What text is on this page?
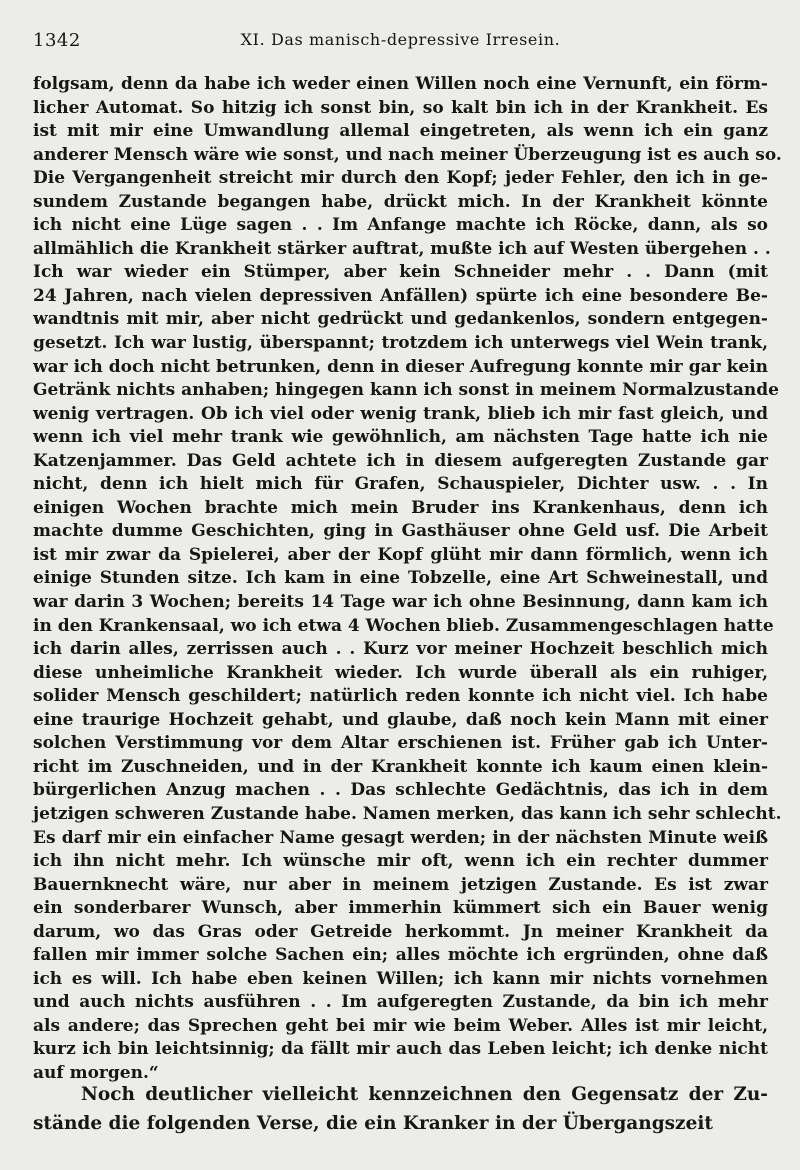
1342	XI. Das manisch-depressive Irresein.
folgsam, denn da habe ich weder einen Willen noch eine Vernunft, ein förm-
licher Automat. So hitzig ich sonst bin, so kalt bin ich in der Krankheit. Es
ist mit mir eine Umwandlung allemal eingetreten, als wenn ich ein ganz
anderer Mensch wäre wie sonst, und nach meiner Überzeugung ist es auch so.
Die Vergangenheit streicht mir durch den Kopf; jeder Fehler, den ich in ge-
sundem Zustande begangen habe, drückt mich. In der Krankheit könnte
ich nicht eine Lüge sagen . . Im Anfange machte ich Röcke, dann, als so
allmählich die Krankheit stärker auftrat, mußte ich auf Westen übergehen . .
Ich war wieder ein Stümper, aber kein Schneider mehr . . Dann (mit
24 Jahren, nach vielen depressiven Anfällen) spürte ich eine besondere Be-
wandtnis mit mir, aber nicht gedrückt und gedankenlos, sondern entgegen-
gesetzt. Ich war lustig, überspannt; trotzdem ich unterwegs viel Wein trank,
war ich doch nicht betrunken, denn in dieser Aufregung konnte mir gar kein
Getränk nichts anhaben; hingegen kann ich sonst in meinem Normalzustande
wenig vertragen. Ob ich viel oder wenig trank, blieb ich mir fast gleich, und
wenn ich viel mehr trank wie gewöhnlich, am nächsten Tage hatte ich nie
Katzenjammer. Das Geld achtete ich in diesem aufgeregten Zustande gar
nicht, denn ich hielt mich für Grafen, Schauspieler, Dichter usw. . . In
einigen Wochen brachte mich mein Bruder ins Krankenhaus, denn ich
machte dumme Geschichten, ging in Gasthäuser ohne Geld usf. Die Arbeit
ist mir zwar da Spielerei, aber der Kopf glüht mir dann förmlich, wenn ich
einige Stunden sitze. Ich kam in eine Tobzelle, eine Art Schweinestall, und
war darin 3 Wochen; bereits 14 Tage war ich ohne Besinnung, dann kam ich
in den Krankensaal, wo ich etwa 4 Wochen blieb. Zusammengeschlagen hatte
ich darin alles, zerrissen auch . . Kurz vor meiner Hochzeit beschlich mich
diese unheimliche Krankheit wieder. Ich wurde überall als ein ruhiger,
solider Mensch geschildert; natürlich reden konnte ich nicht viel. Ich habe
eine traurige Hochzeit gehabt, und glaube, daß noch kein Mann mit einer
solchen Verstimmung vor dem Altar erschienen ist. Früher gab ich Unter-
richt im Zuschneiden, und in der Krankheit konnte ich kaum einen klein-
bürgerlichen Anzug machen . . Das schlechte Gedächtnis, das ich in dem
jetzigen schweren Zustande habe. Namen merken, das kann ich sehr schlecht.
Es darf mir ein einfacher Name gesagt werden; in der nächsten Minute weiß
ich ihn nicht mehr. Ich wünsche mir oft, wenn ich ein rechter dummer
Bauernknecht wäre, nur aber in meinem jetzigen Zustande. Es ist zwar
ein sonderbarer Wunsch, aber immerhin kümmert sich ein Bauer wenig
darum, wo das Gras oder Getreide herkommt. Jn meiner Krankheit da
fallen mir immer solche Sachen ein; alles möchte ich ergründen, ohne daß
ich es will. Ich habe eben keinen Willen; ich kann mir nichts vornehmen
und auch nichts ausführen . . Im aufgeregten Zustande, da bin ich mehr
als andere; das Sprechen geht bei mir wie beim Weber. Alles ist mir leicht,
kurz ich bin leichtsinnig; da fällt mir auch das Leben leicht; ich denke nicht
auf morgen.“
Noch deutlicher vielleicht kennzeichnen den Gegensatz der Zu-
stände die folgenden Verse, die ein Kranker in der Übergangszeit
